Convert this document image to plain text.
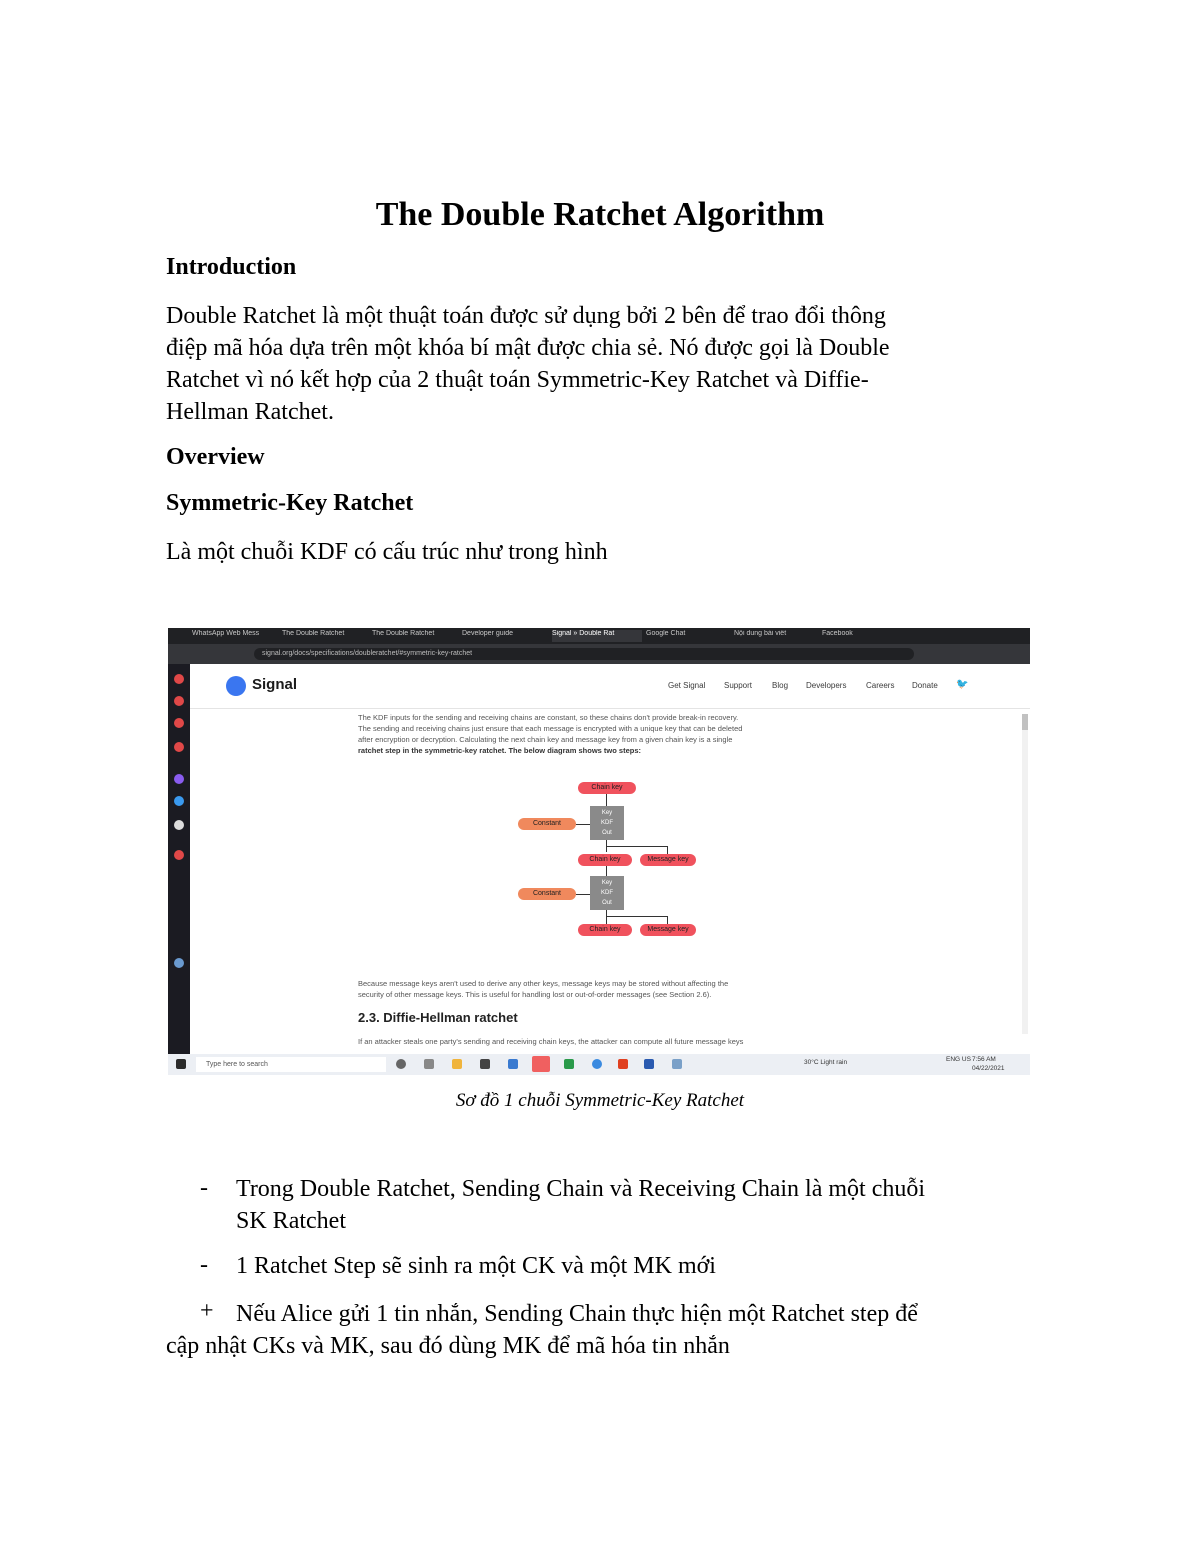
The Double Ratchet Algorithm
Introduction
Double Ratchet là một thuật toán được sử dụng bởi 2 bên để trao đổi thông
điệp mã hóa dựa trên một khóa bí mật được chia sẻ. Nó được gọi là Double
Ratchet vì nó kết hợp của 2 thuật toán Symmetric-Key Ratchet và Diffie-
Hellman Ratchet.
Overview
Symmetric-Key Ratchet
Là một chuỗi KDF có cấu trúc như trong hình
WhatsApp Web Mess	The Double Ratchet	The Double Ratchet	Developer guide	Signal » Double Rat	Google Chat	Nội dung bài viết	Facebook
signal.org/docs/specifications/doubleratchet/#symmetric-key-ratchet
Signal	Get Signal Support Blog Developers Careers Donate 🐦
The KDF inputs for the sending and receiving chains are constant, so these chains don't provide break-in recovery.
The sending and receiving chains just ensure that each message is encrypted with a unique key that can be deleted
after encryption or decryption. Calculating the next chain key and message key from a given chain key is a single
ratchet step in the symmetric-key ratchet. The below diagram shows two steps:
Chain key
Constant
Key
KDF
Out
Chain key	Message key
Constant
Key
KDF
Out
Chain key	Message key
Because message keys aren't used to derive any other keys, message keys may be stored without affecting the
security of other message keys. This is useful for handling lost or out-of-order messages (see Section 2.6).
2.3. Diffie-Hellman ratchet
If an attacker steals one party's sending and receiving chain keys, the attacker can compute all future message keys
Type here to search	30°C Light rain	ENG US 7:56 AM
04/22/2021
Sơ đồ 1 chuỗi Symmetric-Key Ratchet
- Trong Double Ratchet, Sending Chain và Receiving Chain là một chuỗi
SK Ratchet
- 1 Ratchet Step sẽ sinh ra một CK và một MK mới
+ Nếu Alice gửi 1 tin nhắn, Sending Chain thực hiện một Ratchet step để
cập nhật CKs và MK, sau đó dùng MK để mã hóa tin nhắn
